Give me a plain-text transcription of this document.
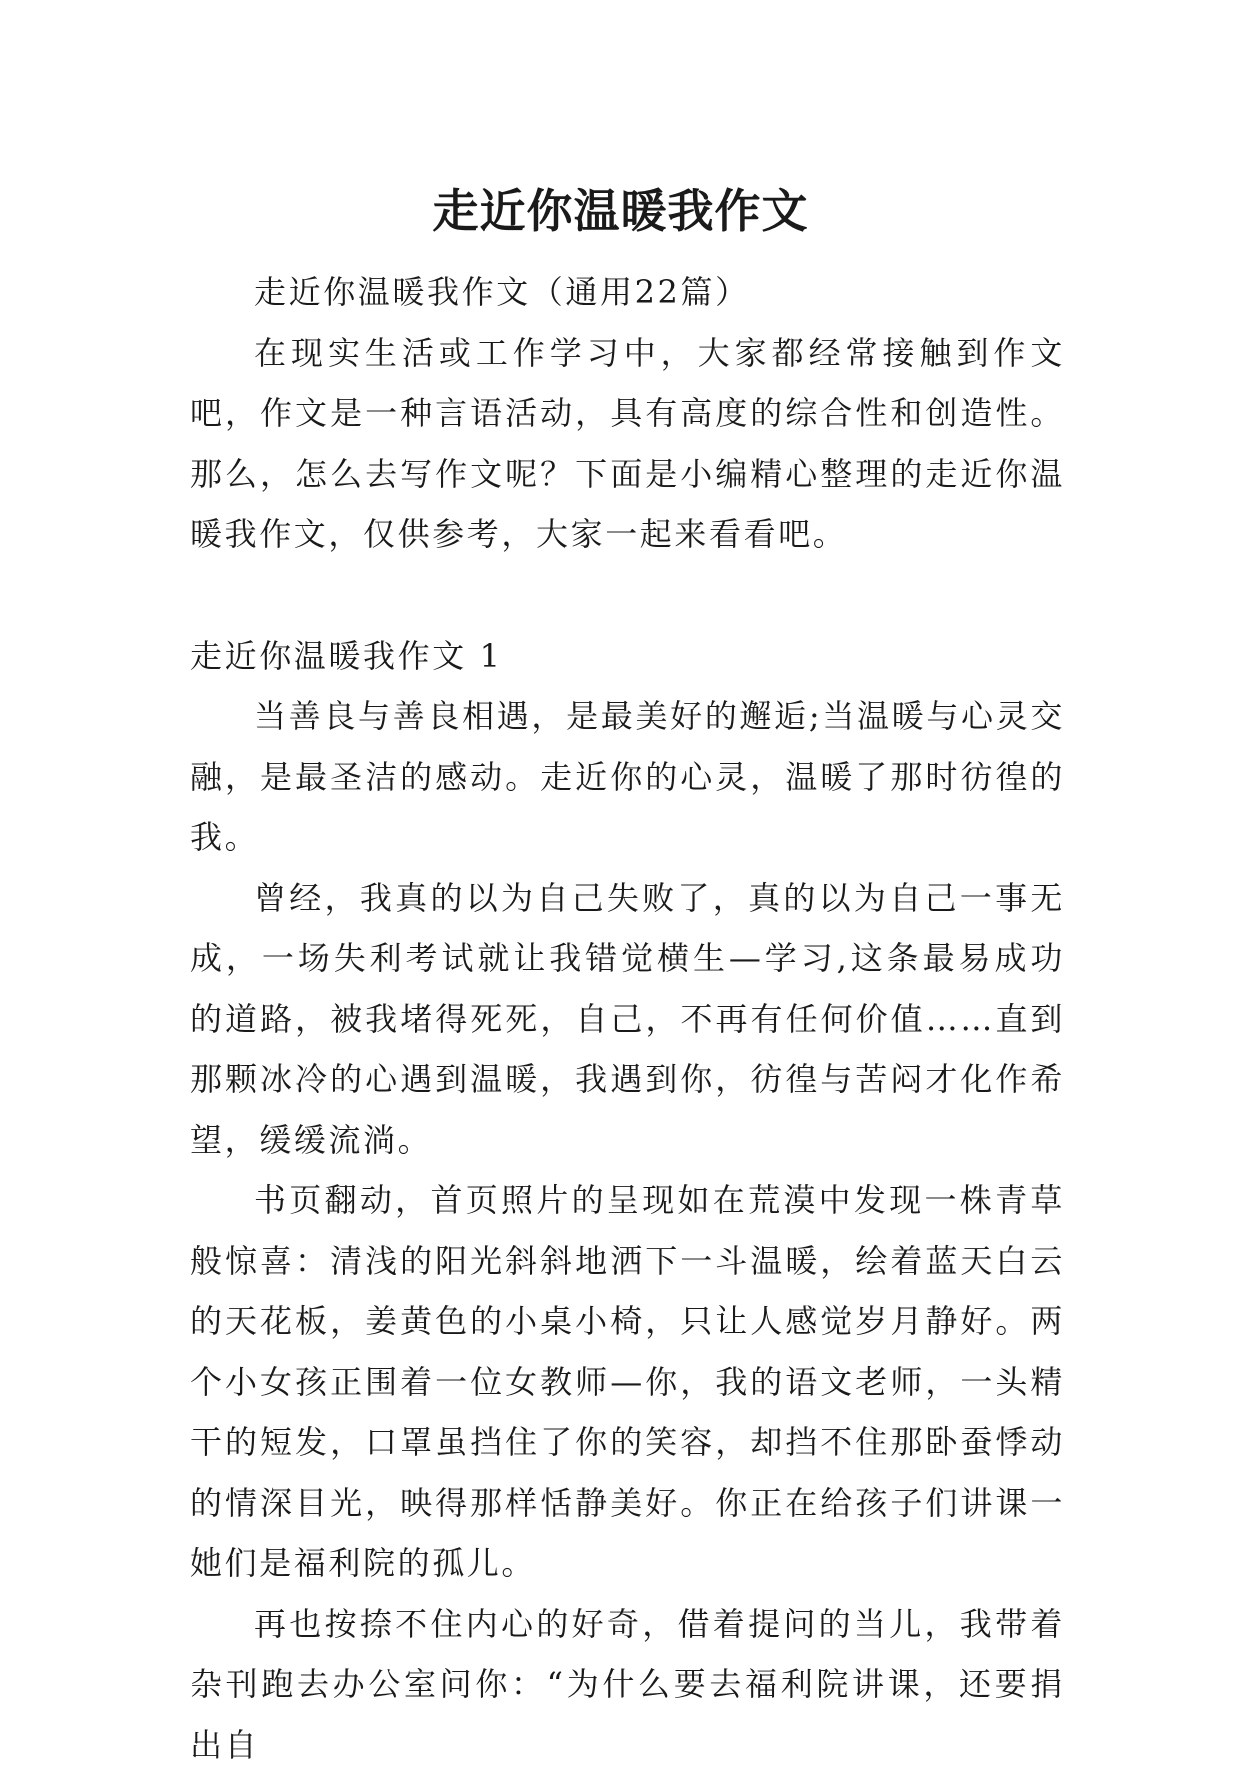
走近你温暖我作文

走近你温暖我作文（通用22篇）

在现实生活或工作学习中，大家都经常接触到作文吧，作文是一种言语活动，具有高度的综合性和创造性。那么，怎么去写作文呢？下面是小编精心整理的走近你温暖我作文，仅供参考，大家一起来看看吧。

走近你温暖我作文 1

当善良与善良相遇，是最美好的邂逅;当温暖与心灵交融，是最圣洁的感动。走近你的心灵，温暖了那时彷徨的我。

曾经，我真的以为自己失败了，真的以为自己一事无成，一场失利考试就让我错觉横生—学习,这条最易成功的道路，被我堵得死死，自己，不再有任何价值……直到那颗冰冷的心遇到温暖，我遇到你，彷徨与苦闷才化作希望，缓缓流淌。

书页翻动，首页照片的呈现如在荒漠中发现一株青草般惊喜：清浅的阳光斜斜地洒下一斗温暖，绘着蓝天白云的天花板，姜黄色的小桌小椅，只让人感觉岁月静好。两个小女孩正围着一位女教师—你，我的语文老师，一头精干的短发，口罩虽挡住了你的笑容，却挡不住那卧蚕悸动的情深目光，映得那样恬静美好。你正在给孩子们讲课一她们是福利院的孤儿。

再也按捺不住内心的好奇，借着提问的当儿，我带着杂刊跑去办公室问你：“为什么要去福利院讲课，还要捐出自
